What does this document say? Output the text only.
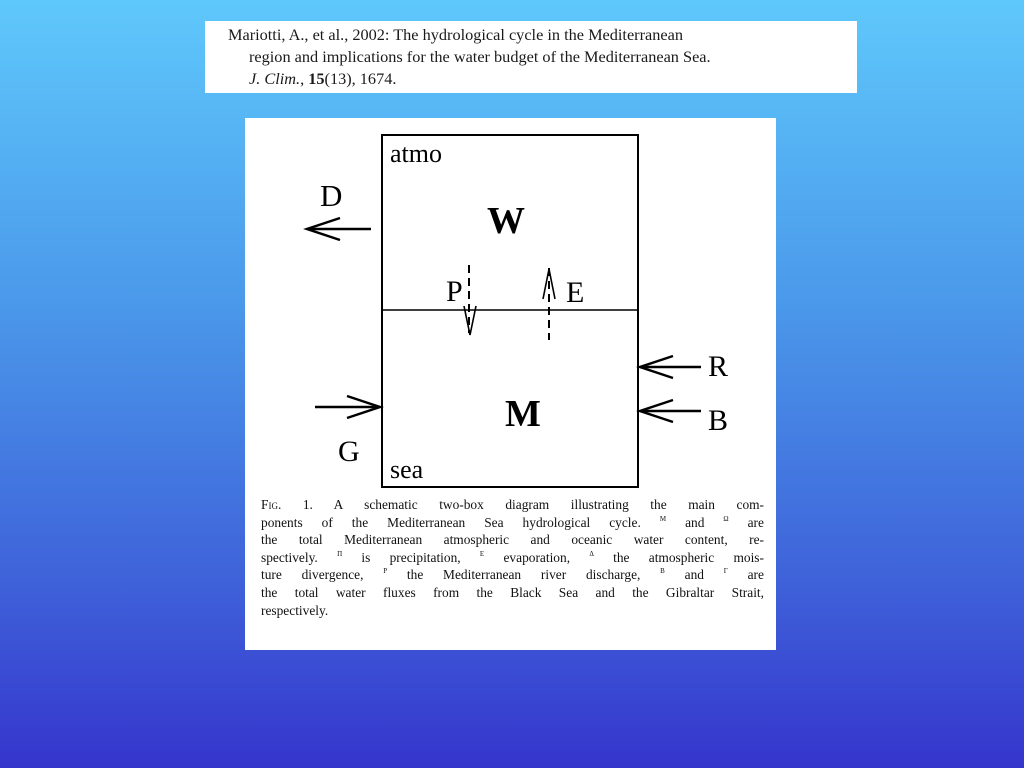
Mariotti, A., et al., 2002: The hydrological cycle in the Mediterranean
region and implications for the water budget of the Mediterranean Sea.
J. Clim., 15(13), 1674.
atmo
sea
W
M
D
P	E
R
B
G
Fig. 1. A schematic two-box diagram illustrating the main com-
ponents of the Mediterranean Sea hydrological cycle.	$^M$ and	$^\Omega$ are
the total Mediterranean atmospheric and oceanic water content, re-
spectively.	$^\Pi$ is precipitation,	$^E$ evaporation,	$^\Delta$ the atmospheric mois-
ture divergence,	$^P$ the Mediterranean river discharge,	$^B$ and	$^\Gamma$ are
the total water fluxes from the Black Sea and the Gibraltar Strait,
respectively.
